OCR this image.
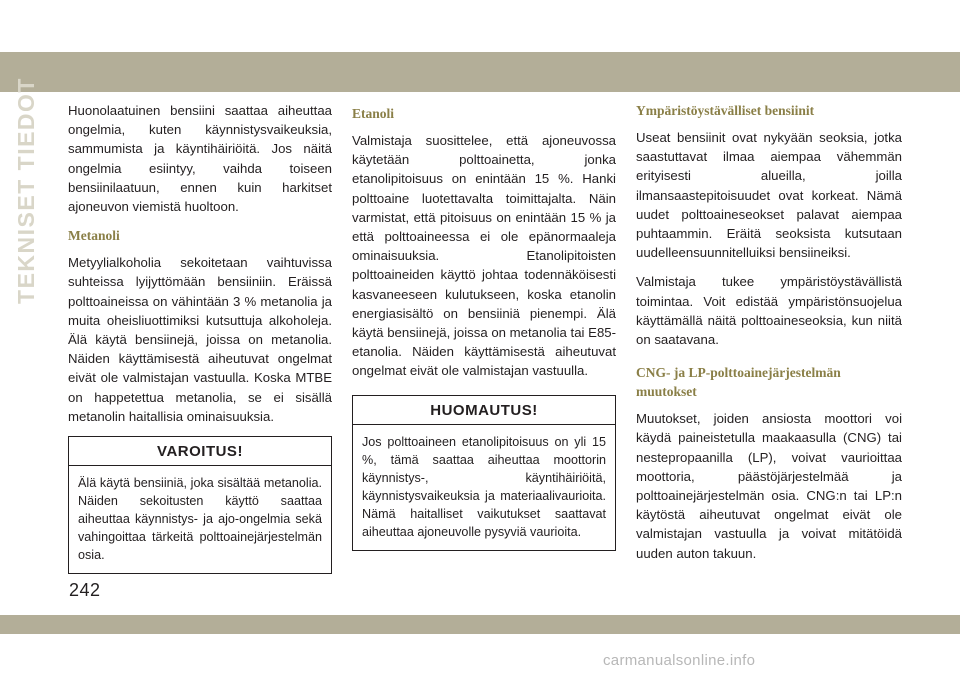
TEKNISET TIEDOT Huonolaatuinen bensiini saattaa aiheuttaa ongelmia, kuten käynnistysvaikeuksia, sammumista ja käyntihäiriöitä. Jos näitä ongelmia esiintyy, vaihda toiseen bensiinilaatuun, ennen kuin harkitset ajoneuvon viemistä huoltoon.

Metanoli

Metyylialkoholia sekoitetaan vaihtuvissa suhteissa lyijyttömään bensiiniin. Eräissä polttoaineissa on vähintään 3 % metanolia ja muita oheisliuottimiksi kutsuttuja alkoholeja. Älä käytä bensiinejä, joissa on metanolia. Näiden käyttämisestä aiheutuvat ongelmat eivät ole valmistajan vastuulla. Koska MTBE on happetettua metanolia, se ei sisällä metanolin haitallisia ominaisuuksia.

VAROITUS!

Älä käytä bensiiniä, joka sisältää metanolia. Näiden sekoitusten käyttö saattaa aiheuttaa käynnistys- ja ajo-ongelmia sekä vahingoittaa tärkeitä polttoainejärjestelmän osia.

Etanoli

Valmistaja suosittelee, että ajoneuvossa käytetään polttoainetta, jonka etanolipitoisuus on enintään 15 %. Hanki polttoaine luotettavalta toimittajalta. Näin varmistat, että pitoisuus on enintään 15 % ja että polttoaineessa ei ole epänormaaleja ominaisuuksia. Etanolipitoisten polttoaineiden käyttö johtaa todennäköisesti kasvaneeseen kulutukseen, koska etanolin energiasisältö on bensiiniä pienempi. Älä käytä bensiinejä, joissa on metanolia tai E85-etanolia. Näiden käyttämisestä aiheutuvat ongelmat eivät ole valmistajan vastuulla.

HUOMAUTUS!

Jos polttoaineen etanolipitoisuus on yli 15 %, tämä saattaa aiheuttaa moottorin käynnistys-, käyntihäiriöitä, käynnistysvaikeuksia ja materiaalivaurioita. Nämä haitalliset vaikutukset saattavat aiheuttaa ajoneuvolle pysyviä vaurioita.

Ympäristöystävälliset bensiinit

Useat bensiinit ovat nykyään seoksia, jotka saastuttavat ilmaa aiempaa vähemmän erityisesti alueilla, joilla ilmansaastepitoisuudet ovat korkeat. Nämä uudet polttoaineseokset palavat aiempaa puhtaammin. Eräitä seoksista kutsutaan uudelleensuunnitelluiksi bensiineiksi.

Valmistaja tukee ympäristöystävällistä toimintaa. Voit edistää ympäristönsuojelua käyttämällä näitä polttoaineseoksia, kun niitä on saatavana.

CNG- ja LP-polttoainejärjestelmän muutokset

Muutokset, joiden ansiosta moottori voi käydä paineistetulla maakaasulla (CNG) tai nestepropaanilla (LP), voivat vaurioittaa moottoria, päästöjärjestelmää ja polttoainejärjestelmän osia. CNG:n tai LP:n käytöstä aiheutuvat ongelmat eivät ole valmistajan vastuulla ja voivat mitätöidä uuden auton takuun.

242
carmanualsonline.info
